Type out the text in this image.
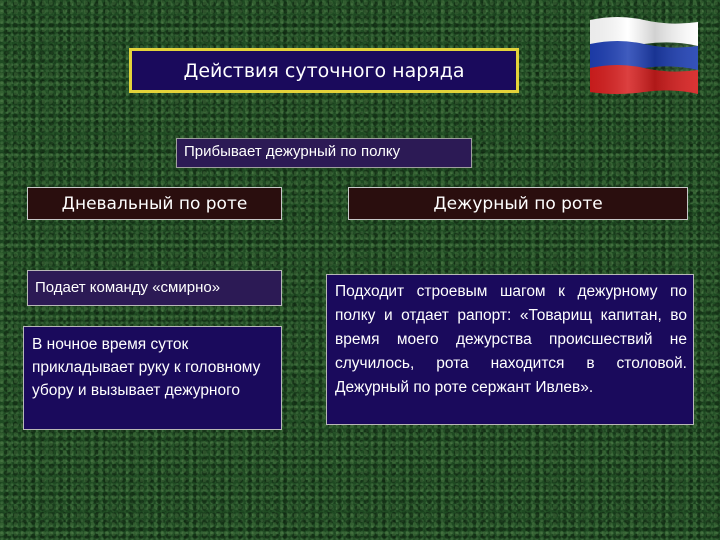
Действия суточного наряда
Прибывает дежурный по полку
Дневальный по роте	Дежурный по роте
Подает команду «смирно»
В ночное время суток прикладывает руку к головному убору и вызывает дежурного
Подходит строевым шагом к дежурному по полку и отдает рапорт: «Товарищ капитан, во время моего дежурства происшествий не случилось, рота находится в столовой. Дежурный по роте сержант Ивлев».
